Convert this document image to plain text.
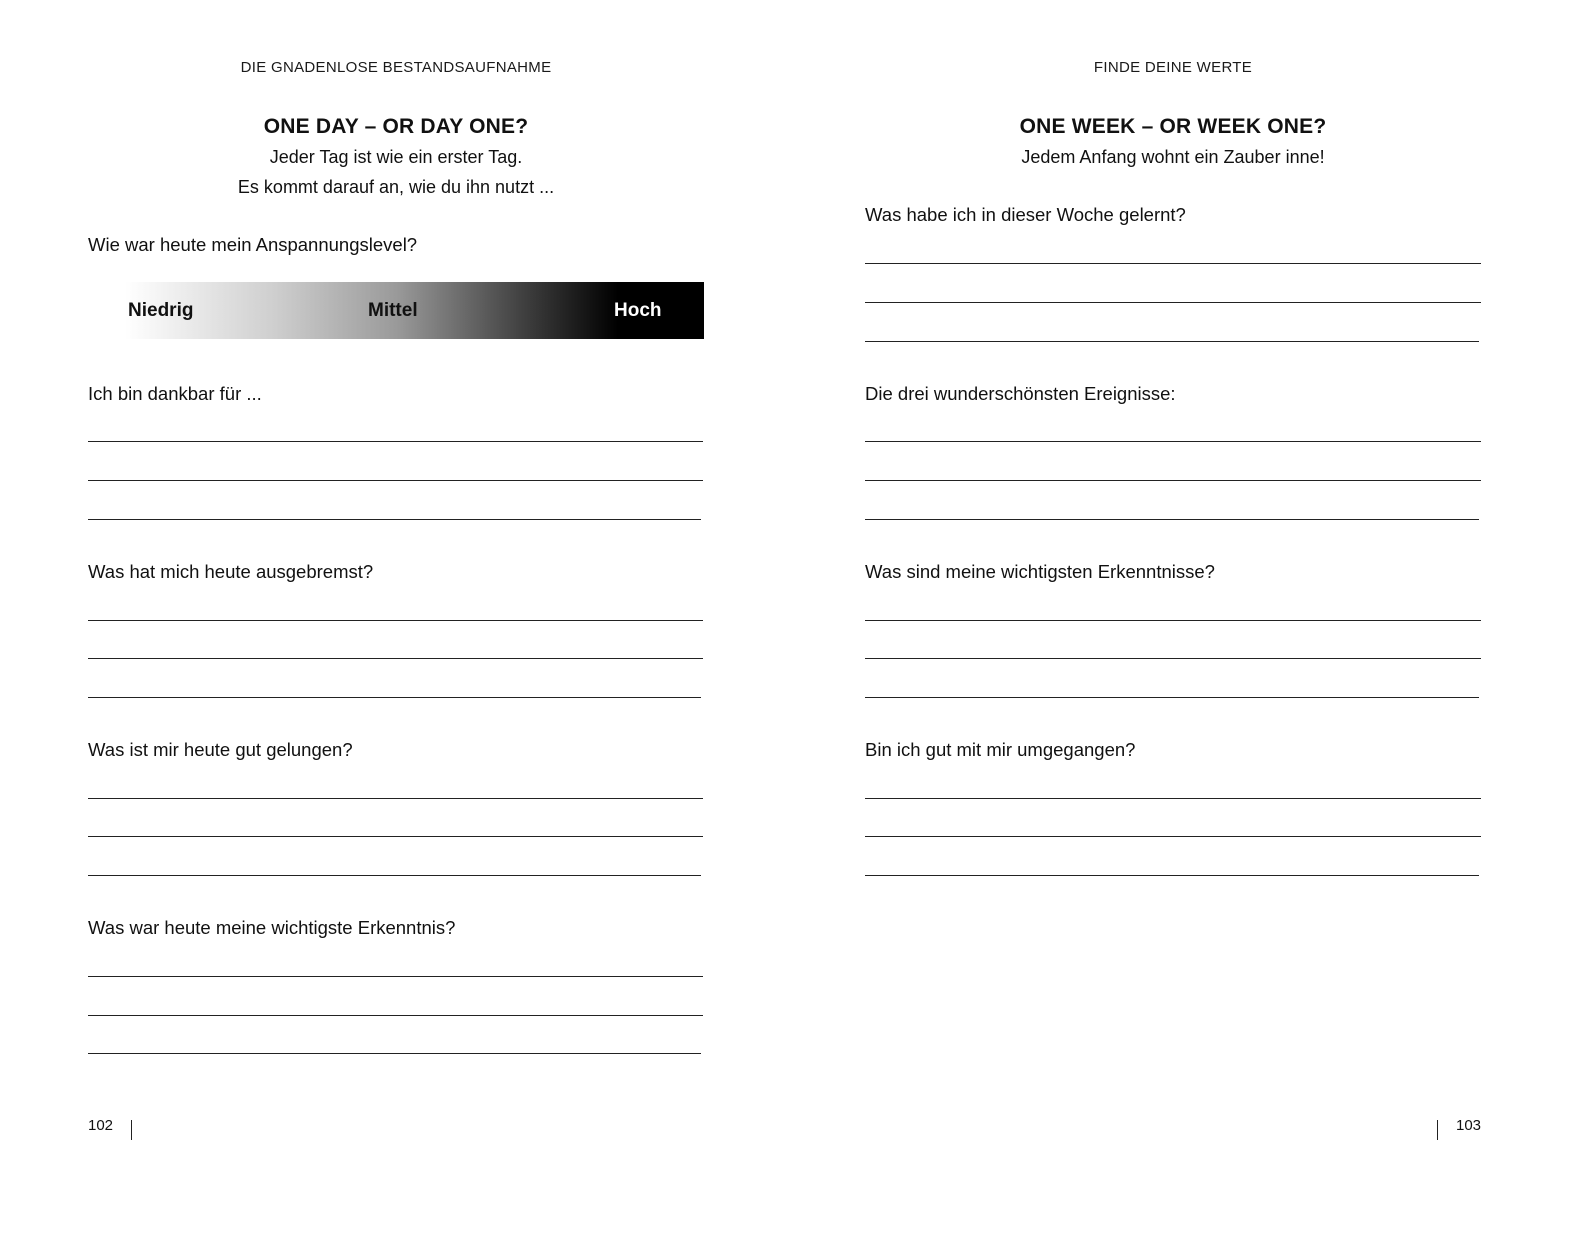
DIE GNADENLOSE BESTANDSAUFNAHME
ONE DAY – OR DAY ONE?
Jeder Tag ist wie ein erster Tag.
Es kommt darauf an, wie du ihn nutzt ...
Wie war heute mein Anspannungslevel?
Niedrig	Mittel	Hoch
Ich bin dankbar für ...
Was hat mich heute ausgebremst?
Was ist mir heute gut gelungen?
Was war heute meine wichtigste Erkenntnis?
102
FINDE DEINE WERTE
ONE WEEK – OR WEEK ONE?
Jedem Anfang wohnt ein Zauber inne!
Was habe ich in dieser Woche gelernt?
Die drei wunderschönsten Ereignisse:
Was sind meine wichtigsten Erkenntnisse?
Bin ich gut mit mir umgegangen?
103
